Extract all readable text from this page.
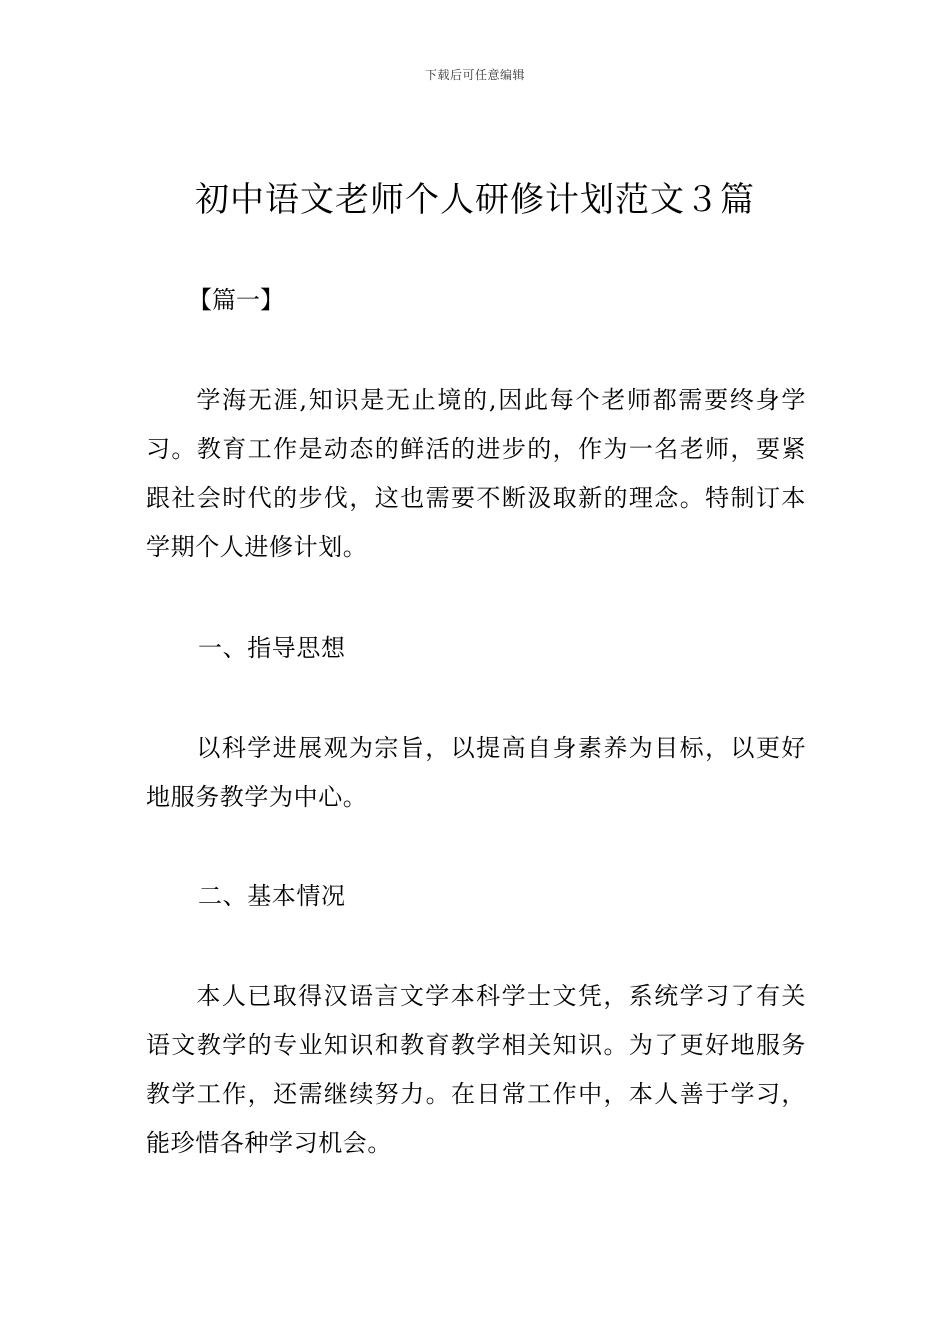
下载后可任意编辑
初中语文老师个人研修计划范文３篇
【篇一】

学海无涯,知识是无止境的,因此每个老师都需要终身学习。教育工作是动态的鲜活的进步的，作为一名老师，要紧跟社会时代的步伐，这也需要不断汲取新的理念。特制订本学期个人进修计划。

一、指导思想

以科学进展观为宗旨，以提高自身素养为目标，以更好地服务教学为中心。

二、基本情况

本人已取得汉语言文学本科学士文凭，系统学习了有关语文教学的专业知识和教育教学相关知识。为了更好地服务教学工作，还需继续努力。在日常工作中，本人善于学习，能珍惜各种学习机会。
